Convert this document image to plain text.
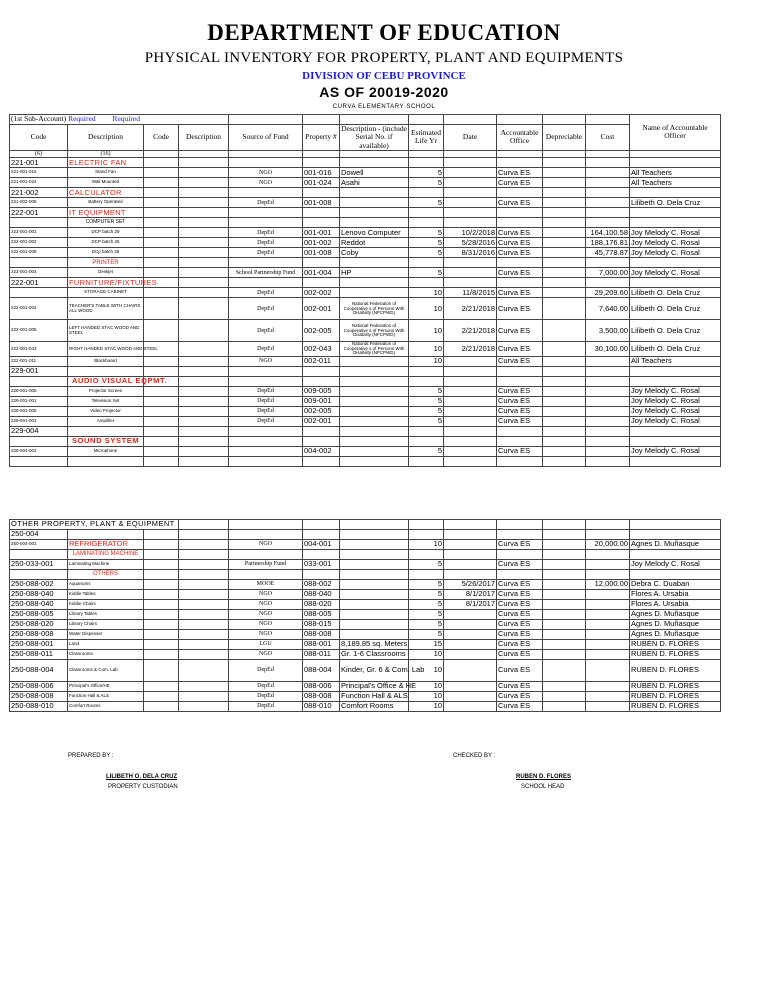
DEPARTMENT OF EDUCATION
PHYSICAL INVENTORY FOR PROPERTY, PLANT AND EQUIPMENTS
DIVISION OF CEBU PROVINCE
AS OF 20019-2020
CURVA ELEMENTARY SCHOOL
(1st Sub-Account) Required         Required												Name of Accountable Officer
Code	Description	Code	Description	Source of Fund	Property #	Description - (include Serial No. if available)	Estimated Life Yr	Date	Accountable Office	Depreciable	Cost	
(6)	(16)											
221-001	ELECTRIC FAN											
221-001-016	Stand Fan			NGO	001-016	Dowell	5		Curva ES			All Teachers
221-001-024	Wall Mounted			NGO	001-024	Asahi	5		Curva ES			All Teachers
221-002	CALCULATOR											
221-002-008	Battery Operated			DepEd	001-008		5		Curva ES			Lilibeth O. Dela Cruz
222-001	IT EQUIPMENT											
	COMPUTER SET											
222-001-001	DCP batch 29			DepEd	001-001	Lenovo Computer	5	10/2/2018	Curva ES		164,100.58	Joy Melody C. Rosal
222-001-002	DCP batch 26			DepEd	001-002	Reddot	5	5/28/2016	Curva ES		188,176.81	Joy Melody C. Rosal
222-001-008	DCp batch 29			DepEd	001-008	Coby	5	8/31/2016	Curva ES		45,778.87	Joy Melody C. Rosal
	PRINTER											
222-001-004	Deskjet			School Partnership Fund	001-004	HP	5		Curva ES		7,000.00	Joy Melody C. Rosal
222-001	FURNITURE/FIXTURES											
	STORAGE CABINET			DepEd	002-002		10	11/8/2015	Curva ES		29,209.60	Lilibeth O. Dela Cruz
222-001-002	TEACHER'S TABLE WITH CHAIRS ALL WOOD			DepEd	002-001	National Federation of Cooperative s of Persons With Disability (NFCPWD)	10	2/21/2018	Curva ES		7,640.00	Lilibeth O. Dela Cruz
222-001-005	LEFT HANDED STAC WOOD AND STEEL			DepEd	002-005	National Federation of Cooperative s of Persons With Disability (NFCPWD)	10	2/21/2018	Curva ES		3,500.00	Lilibeth O. Dela Cruz
222-001-043	RIGHT HANDED STAC WOOD AND STEEL			DepEd	002-043	National Federation of Cooperative s of Persons With Disability (NFCPWD)	10	2/21/2018	Curva ES		30,100.00	Lilibeth O. Dela Cruz
222-001-011	Blackboard			NGO	002-011		10		Curva ES			All Teachers
229-001												
	AUDIO VISUAL EQPMT.											
229-001-005	Projector Screen			DepEd	009-005		5		Curva ES			Joy Melody C. Rosal
229-001-001	Television Set			DepEd	009-001		5		Curva ES			Joy Melody C. Rosal
229-001-005	Video Projector			DepEd	002-005		5		Curva ES			Joy Melody C. Rosal
229-001-001	Amplifier			DepEd	002-001		5		Curva ES			Joy Melody C. Rosal
229-004												
	SOUND SYSTEM											
229-004-002	Microphone				004-002		5		Curva ES			Joy Melody C. Rosal

OTHER PROPERTY, PLANT & EQUIPMENT												
250-004												
250-004-001	REFRIGERATOR			NGO	004-001		10		Curva ES		20,000.00	Agnes D. Muñasque
	LAMINATING MACHINE											
250-033-001	Laminating Machine			Partnership Fund	033-001		5		Curva ES			Joy Melody C. Rosal
	OTHERS											
250-088-002	Aquariums			MOOE	088-002		5	5/26/2017	Curva ES		12,000.00	Debra C. Duaban
250-088-040	Kiddie Tables			NGO	088-040		5	8/1/2017	Curva ES			Flores A. Ursabia
250-088-040	Kiddie Chairs			NGO	088-020		5	8/1/2017	Curva ES			Flores A. Ursabia
250-088-005	Library Tables			NGO	088-005		5		Curva ES			Agnes D. Muñasque
250-088-020	Library Chairs			NGO	088-015		5		Curva ES			Agnes D. Muñasque
250-088-008	Water Dispenser			NGO	088-008		5		Curva ES			Agnes D. Muñasque
250-088-001	Land			LGU	088-001	8,189.85 sq. Meters	15		Curva ES			RUBEN D. FLORES
250-088-011	Classrooms			NGO	088-011	Gr. 1-6 Classrooms	10		Curva ES			RUBEN D. FLORES
250-088-004	Classrooms & Com. Lab			DepEd	088-004	Kinder, Gr. 6 & Com. Lab	10		Curva ES			RUBEN D. FLORES
250-088-006	Principal's Office/HE			DepEd	088-006	Principal's Office & HE	10		Curva ES			RUBEN D. FLORES
250-088-008	Function Hall & ALS			DepEd	088-008	Function Hall & ALS	10		Curva ES			RUBEN D. FLORES
250-088-010	Comfort Rooms			DepEd	088-010	Comfort Rooms	10		Curva ES			RUBEN D. FLORES
PREPARED BY :	CHECKED BY :
LILIBETH O. DELA CRUZ
PROPERTY CUSTODIAN
RUBEN D. FLORES
SCHOOL HEAD
